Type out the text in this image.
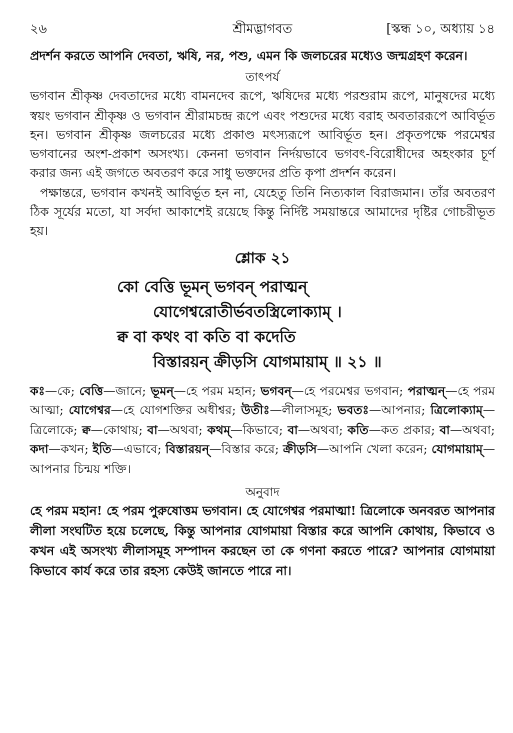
২৬	শ্রীমদ্ভাগবত	[স্কন্ধ ১০, অধ্যায় ১৪

প্রদর্শন করতে আপনি দেবতা, ঋষি, নর, পশু, এমন কি জলচরের মধ্যেও জন্মগ্রহণ করেন।

তাৎপর্য

ভগবান শ্রীকৃষ্ণ দেবতাদের মধ্যে বামনদেব রূপে, ঋষিদের মধ্যে পরশুরাম রূপে, মানুষদের মধ্যে স্বয়ং ভগবান শ্রীকৃষ্ণ ও ভগবান শ্রীরামচন্দ্র রূপে এবং পশুদের মধ্যে বরাহ অবতাররূপে আবির্ভূত হন। ভগবান শ্রীকৃষ্ণ জলচরের মধ্যে প্রকাণ্ড মৎস্যরূপে আবির্ভূত হন। প্রকৃতপক্ষে পরমেশ্বর ভগবানের অংশ-প্রকাশ অসংখ্য। কেননা ভগবান নির্দয়ভাবে ভগবৎ-বিরোধীদের অহংকার চূর্ণ করার জন্য এই জগতে অবতরণ করে সাধু ভক্তদের প্রতি কৃপা প্রদর্শন করেন।

পক্ষান্তরে, ভগবান কখনই আবির্ভূত হন না, যেহেতু তিনি নিত্যকাল বিরাজমান। তাঁর অবতরণ ঠিক সূর্যের মতো, যা সর্বদা আকাশেই রয়েছে কিন্তু নির্দিষ্ট সময়ান্তরে আমাদের দৃষ্টির গোচরীভূত হয়।

শ্লোক ২১
কো বেত্তি ভূমন্ ভগবন্ পরাত্মন্
যোগেশ্বরোতীর্ভবতস্ত্রিলোক্যাম্ ।
ক্ব বা কথং বা কতি বা কদেতি
বিস্তারয়ন্ ক্রীড়সি যোগমায়াম্ ॥ ২১ ॥

কঃ—কে; বেত্তি—জানে; ভূমন্—হে পরম মহান; ভগবন্—হে পরমেশ্বর ভগবান; পরাত্মন্—হে পরম আত্মা; যোগেশ্বর—হে যোগশক্তির অধীশ্বর; উতীঃ—লীলাসমূহ; ভবতঃ—আপনার; ত্রিলোক্যাম্—ত্রিলোকে; ক্ব—কোথায়; বা—অথবা; কথম্—কিভাবে; বা—অথবা; কতি—কত প্রকার; বা—অথবা; কদা—কখন; ইতি—এভাবে; বিস্তারয়ন্—বিস্তার করে; ক্রীড়সি—আপনি খেলা করেন; যোগমায়াম্—আপনার চিন্ময় শক্তি।

অনুবাদ

হে পরম মহান! হে পরম পুরুষোত্তম ভগবান। হে যোগেশ্বর পরমাত্মা! ত্রিলোকে অনবরত আপনার লীলা সংঘটিত হয়ে চলেছে, কিন্তু আপনার যোগমায়া বিস্তার করে আপনি কোথায়, কিভাবে ও কখন এই অসংখ্য লীলাসমূহ সম্পাদন করছেন তা কে গণনা করতে পারে? আপনার যোগমায়া কিভাবে কার্য করে তার রহস্য কেউই জানতে পারে না।
